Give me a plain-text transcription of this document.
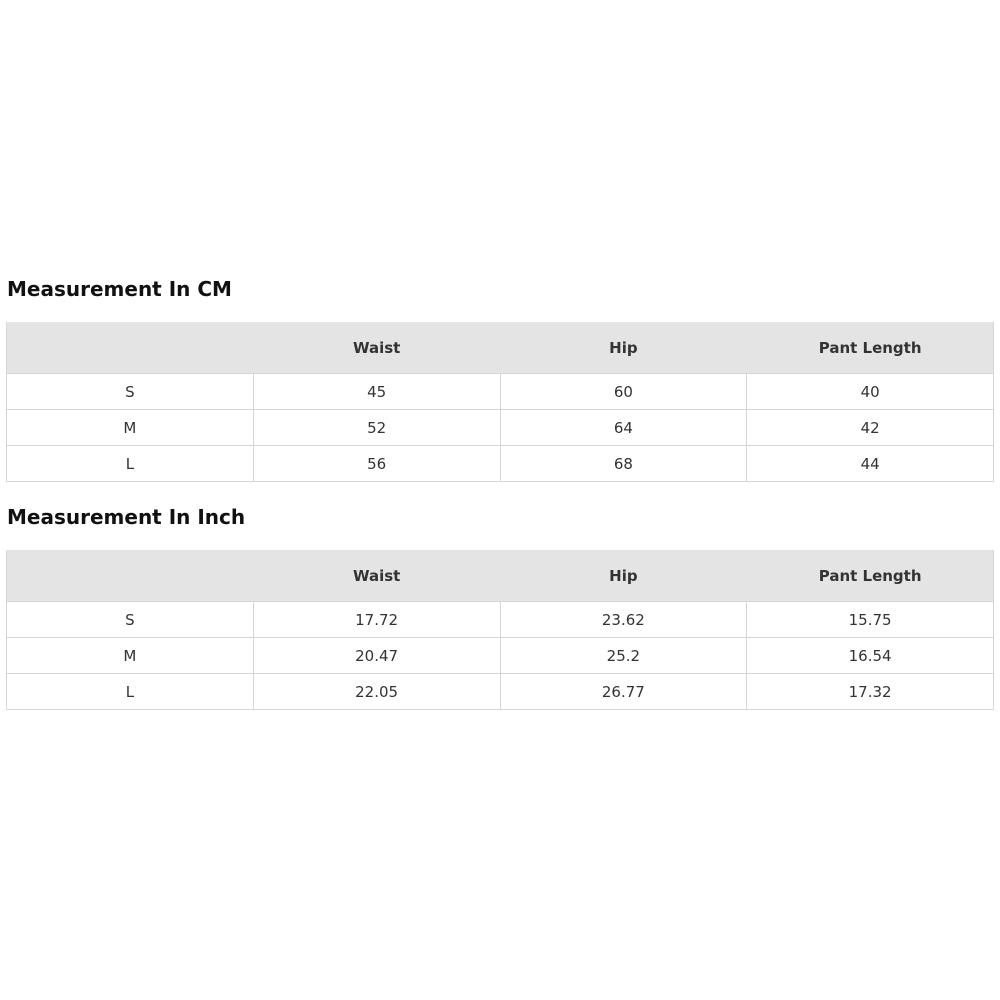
Measurement In CM
	Waist	Hip	Pant Length
S	45	60	40
M	52	64	42
L	56	68	44
Measurement In Inch
	Waist	Hip	Pant Length
S	17.72	23.62	15.75
M	20.47	25.2	16.54
L	22.05	26.77	17.32
